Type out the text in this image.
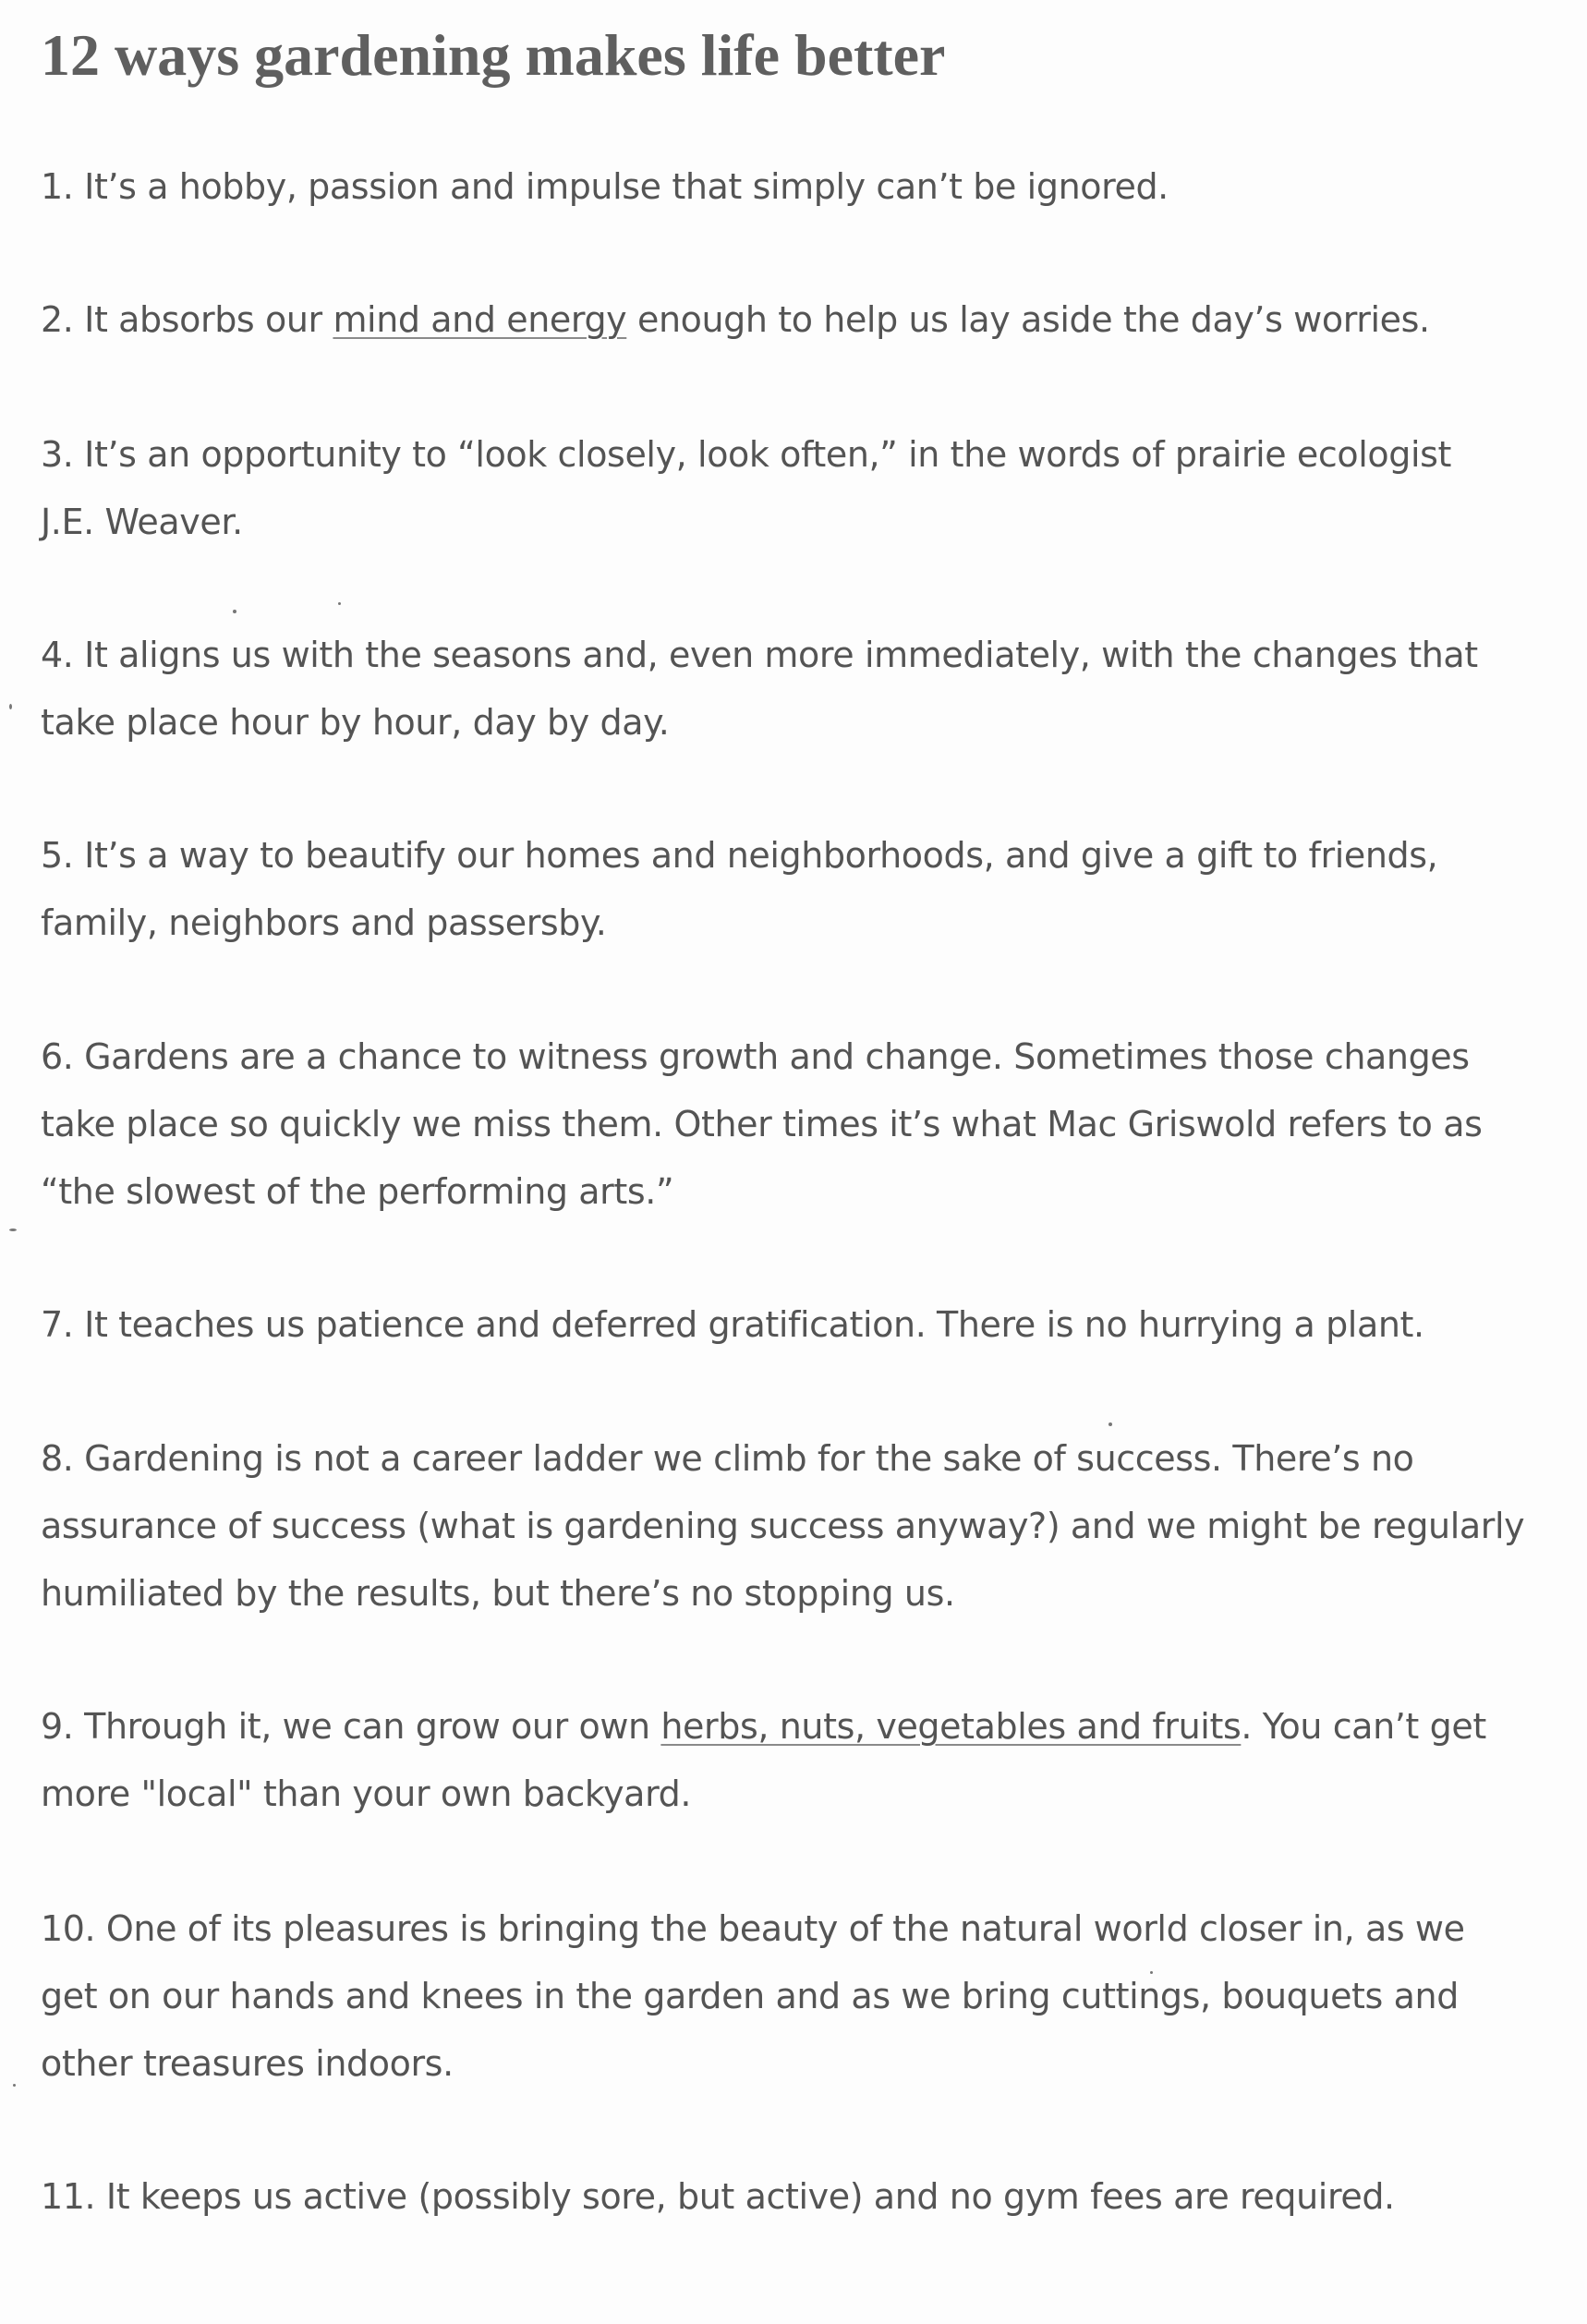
12 ways gardening makes life better

1. It’s a hobby, passion and impulse that simply can’t be ignored.

2. It absorbs our mind and energy enough to help us lay aside the day’s worries.

3. It’s an opportunity to “look closely, look often,” in the words of prairie ecologist
J.E. Weaver.

4. It aligns us with the seasons and, even more immediately, with the changes that
take place hour by hour, day by day.

5. It’s a way to beautify our homes and neighborhoods, and give a gift to friends,
family, neighbors and passersby.

6. Gardens are a chance to witness growth and change. Sometimes those changes
take place so quickly we miss them. Other times it’s what Mac Griswold refers to as
“the slowest of the performing arts.”

7. It teaches us patience and deferred gratification. There is no hurrying a plant.

8. Gardening is not a career ladder we climb for the sake of success. There’s no
assurance of success (what is gardening success anyway?) and we might be regularly
humiliated by the results, but there’s no stopping us.

9. Through it, we can grow our own herbs, nuts, vegetables and fruits. You can’t get
more "local" than your own backyard.

10. One of its pleasures is bringing the beauty of the natural world closer in, as we
get on our hands and knees in the garden and as we bring cuttings, bouquets and
other treasures indoors.

11. It keeps us active (possibly sore, but active) and no gym fees are required.
